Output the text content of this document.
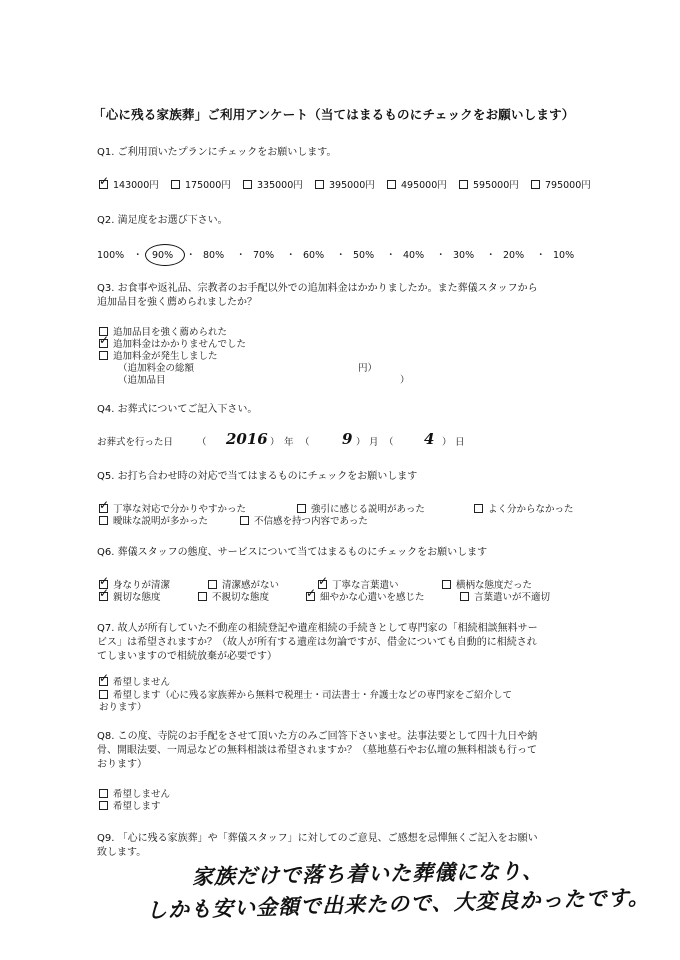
「心に残る家族葬」ご利用アンケート（当てはまるものにチェックをお願いします）
Q1. ご利用頂いたプランにチェックをお願いします。
✓ 143000円	175000円	335000円	395000円	495000円	595000円	795000円
Q2. 満足度をお選び下さい。
100% ・ 90% ・ 80% ・ 70% ・ 60% ・ 50% ・ 40% ・ 30% ・ 20% ・ 10%
Q3. お食事や返礼品、宗教者のお手配以外での追加料金はかかりましたか。また葬儀スタッフから
追加品目を強く薦められましたか？
追加品目を強く薦められた
✓ 追加料金はかかりませんでした
追加料金が発生しました
（追加料金の総額	円）
（追加品目	）
Q4. お葬式についてご記入下さい。
お葬式を行った日	（ 2016 ） 年 （ 9 ） 月 （ 4 ） 日
Q5. お打ち合わせ時の対応で当てはまるものにチェックをお願いします
✓ 丁寧な対応で分かりやすかった	強引に感じる説明があった	よく分からなかった
曖昧な説明が多かった	不信感を持つ内容であった
Q6. 葬儀スタッフの態度、サービスについて当てはまるものにチェックをお願いします
✓ 身なりが清潔	清潔感がない	✓ 丁寧な言葉遣い	横柄な態度だった
✓ 親切な態度	不親切な態度	✓ 細やかな心遣いを感じた	言葉遣いが不適切
Q7. 故人が所有していた不動産の相続登記や遺産相続の手続きとして専門家の「相続相談無料サー
ビス」は希望されますか？（故人が所有する遺産は勿論ですが、借金についても自動的に相続され
てしまいますので相続放棄が必要です）
✓ 希望しません
希望します（心に残る家族葬から無料で税理士・司法書士・弁護士などの専門家をご紹介して
おります）
Q8. この度、寺院のお手配をさせて頂いた方のみご回答下さいませ。法事法要として四十九日や納
骨、開眼法要、一周忌などの無料相談は希望されますか？（墓地墓石やお仏壇の無料相談も行って
おります）
希望しません
希望します
Q9. 「心に残る家族葬」や「葬儀スタッフ」に対してのご意見、ご感想を忌憚無くご記入をお願い
致します。
家族だけで落ち着いた葬儀になり、
しかも安い金額で出来たので、大変良かったです。
